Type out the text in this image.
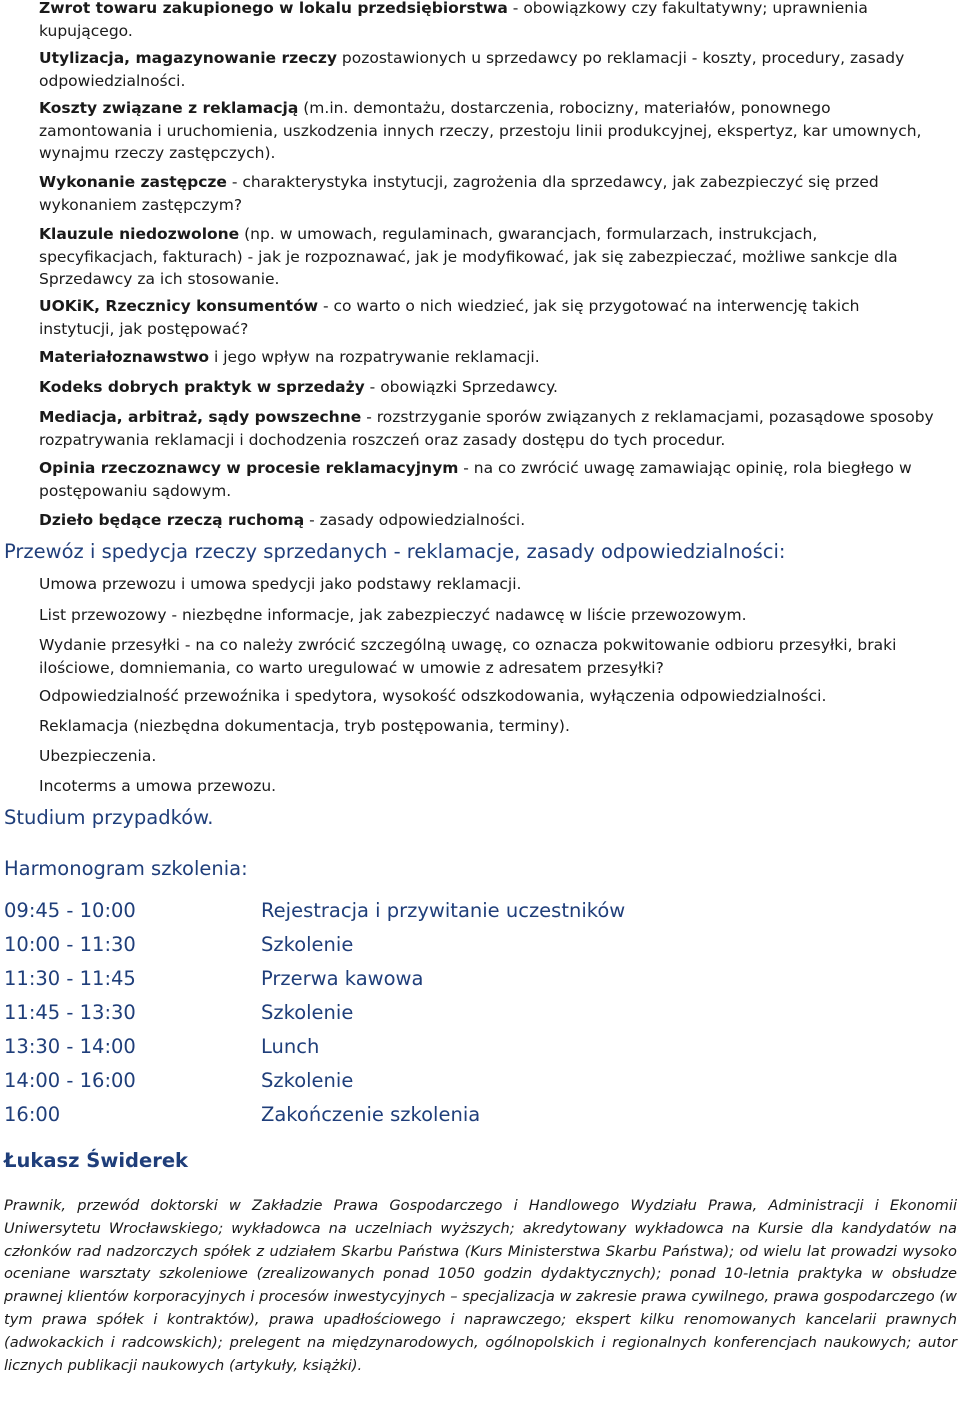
Zwrot towaru zakupionego w lokalu przedsiębiorstwa - obowiązkowy czy fakultatywny; uprawnienia kupującego.
Utylizacja, magazynowanie rzeczy pozostawionych u sprzedawcy po reklamacji - koszty, procedury, zasady odpowiedzialności.
Koszty związane z reklamacją (m.in. demontażu, dostarczenia, robocizny, materiałów, ponownego zamontowania i uruchomienia, uszkodzenia innych rzeczy, przestoju linii produkcyjnej, ekspertyz, kar umownych, wynajmu rzeczy zastępczych).
Wykonanie zastępcze - charakterystyka instytucji, zagrożenia dla sprzedawcy, jak zabezpieczyć się przed wykonaniem zastępczym?
Klauzule niedozwolone (np. w umowach, regulaminach, gwarancjach, formularzach, instrukcjach, specyfikacjach, fakturach) - jak je rozpoznawać, jak je modyfikować, jak się zabezpieczać, możliwe sankcje dla Sprzedawcy za ich stosowanie.
UOKiK, Rzecznicy konsumentów - co warto o nich wiedzieć, jak się przygotować na interwencję takich instytucji, jak postępować?
Materiałoznawstwo i jego wpływ na rozpatrywanie reklamacji.
Kodeks dobrych praktyk w sprzedaży - obowiązki Sprzedawcy.
Mediacja, arbitraż, sądy powszechne - rozstrzyganie sporów związanych z reklamacjami, pozasądowe sposoby rozpatrywania reklamacji i dochodzenia roszczeń oraz zasady dostępu do tych procedur.
Opinia rzeczoznawcy w procesie reklamacyjnym - na co zwrócić uwagę zamawiając opinię, rola biegłego w postępowaniu sądowym.
Dzieło będące rzeczą ruchomą - zasady odpowiedzialności.
Przewóz i spedycja rzeczy sprzedanych - reklamacje, zasady odpowiedzialności:
Umowa przewozu i umowa spedycji jako podstawy reklamacji.
List przewozowy - niezbędne informacje, jak zabezpieczyć nadawcę w liście przewozowym.
Wydanie przesyłki - na co należy zwrócić szczególną uwagę, co oznacza pokwitowanie odbioru przesyłki, braki ilościowe, domniemania, co warto uregulować w umowie z adresatem przesyłki?
Odpowiedzialność przewoźnika i spedytora, wysokość odszkodowania, wyłączenia odpowiedzialności.
Reklamacja (niezbędna dokumentacja, tryb postępowania, terminy).
Ubezpieczenia.
Incoterms a umowa przewozu.
Studium przypadków.
Harmonogram szkolenia:
09:45 - 10:00	Rejestracja i przywitanie uczestników
10:00 - 11:30	Szkolenie
11:30 - 11:45	Przerwa kawowa
11:45 - 13:30	Szkolenie
13:30 - 14:00	Lunch
14:00 - 16:00	Szkolenie
16:00	Zakończenie szkolenia
Łukasz Świderek
Prawnik, przewód doktorski w Zakładzie Prawa Gospodarczego i Handlowego Wydziału Prawa, Administracji i Ekonomii Uniwersytetu Wrocławskiego; wykładowca na uczelniach wyższych; akredytowany wykładowca na Kursie dla kandydatów na członków rad nadzorczych spółek z udziałem Skarbu Państwa (Kurs Ministerstwa Skarbu Państwa); od wielu lat prowadzi wysoko oceniane warsztaty szkoleniowe (zrealizowanych ponad 1050 godzin dydaktycznych); ponad 10-letnia praktyka w obsłudze prawnej klientów korporacyjnych i procesów inwestycyjnych – specjalizacja w zakresie prawa cywilnego, prawa gospodarczego (w tym prawa spółek i kontraktów), prawa upadłościowego i naprawczego; ekspert kilku renomowanych kancelarii prawnych (adwokackich i radcowskich); prelegent na międzynarodowych, ogólnopolskich i regionalnych konferencjach naukowych; autor licznych publikacji naukowych (artykuły, książki).
